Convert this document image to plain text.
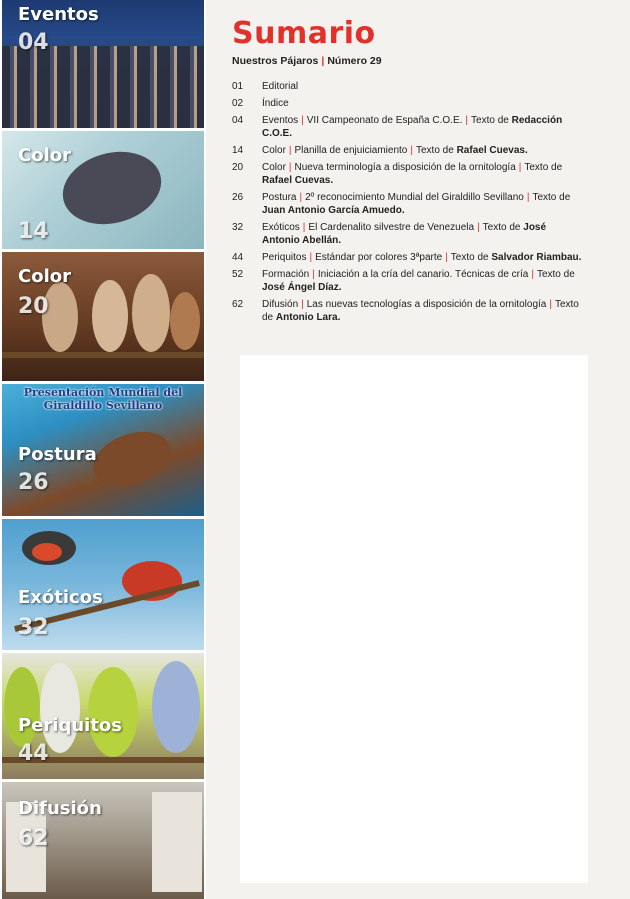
Eventos
04
Color
14
Color
20
Presentación Mundial del
Giraldillo Sevillano
Postura
26
Exóticos
32
Periquitos
44
Difusión
62
Sumario
Nuestros Pájaros | Número 29
01	Editorial
02	Índice
04	Eventos | VII Campeonato de España C.O.E. | Texto de Redacción C.O.E.
14	Color | Planilla de enjuiciamiento | Texto de Rafael Cuevas.
20	Color | Nueva terminología a disposición de la ornitología | Texto de Rafael Cuevas.
26	Postura | 2º reconocimiento Mundial del Giraldillo Sevillano | Texto de Juan Antonio García Amuedo.
32	Exóticos | El Cardenalito silvestre de Venezuela | Texto de José Antonio Abellán.
44	Periquitos | Estándar por colores 3ªparte | Texto de Salvador Riambau.
52	Formación | Iniciación a la cría del canario. Técnicas de cría | Texto de José Ángel Díaz.
62	Difusión | Las nuevas tecnologías a disposición de la ornitología | Texto de Antonio Lara.
